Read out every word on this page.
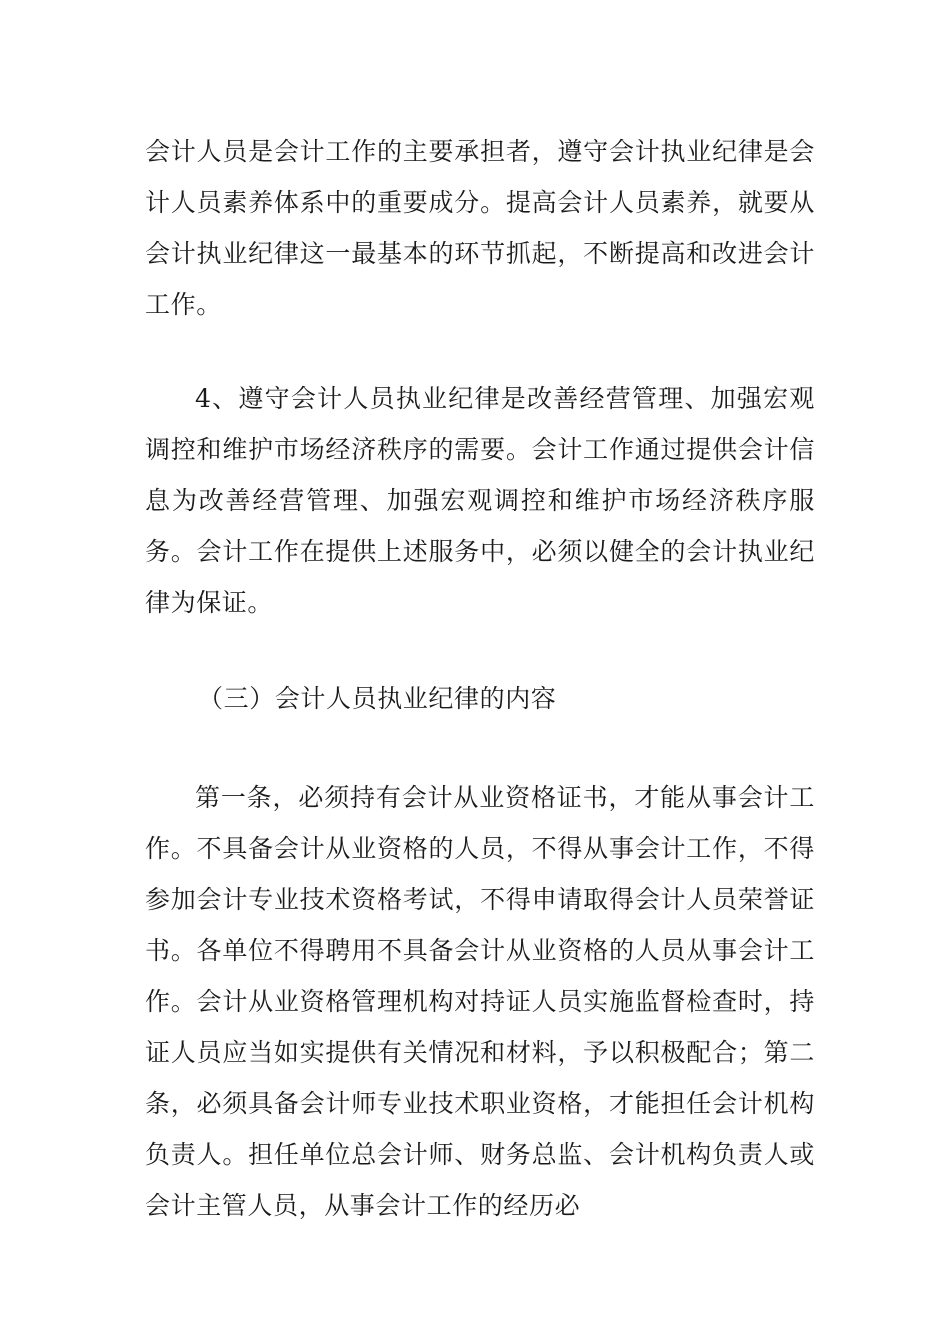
会计人员是会计工作的主要承担者，遵守会计执业纪律是会计人员素养体系中的重要成分。提高会计人员素养，就要从会计执业纪律这一最基本的环节抓起，不断提高和改进会计工作。

4、遵守会计人员执业纪律是改善经营管理、加强宏观调控和维护市场经济秩序的需要。会计工作通过提供会计信息为改善经营管理、加强宏观调控和维护市场经济秩序服务。会计工作在提供上述服务中，必须以健全的会计执业纪律为保证。

（三）会计人员执业纪律的内容

第一条，必须持有会计从业资格证书，才能从事会计工作。不具备会计从业资格的人员，不得从事会计工作，不得参加会计专业技术资格考试，不得申请取得会计人员荣誉证书。各单位不得聘用不具备会计从业资格的人员从事会计工作。会计从业资格管理机构对持证人员实施监督检查时，持证人员应当如实提供有关情况和材料，予以积极配合；第二条，必须具备会计师专业技术职业资格，才能担任会计机构负责人。担任单位总会计师、财务总监、会计机构负责人或会计主管人员，从事会计工作的经历必
